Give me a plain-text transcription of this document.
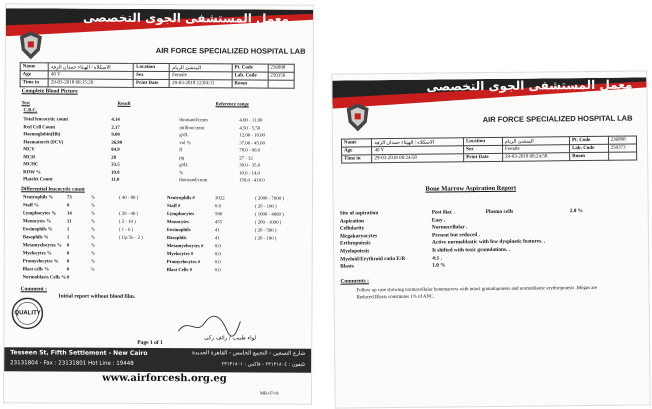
معمل المستشفى الجوى التخصصى
AIR FORCE SPECIALIZED HOSPITAL LAB
Name	الاسكلاه / الهيثاء حمدان الزفة	Location	المنشئ الريام	Pt. Code	236898
Age	40 Y	Sex	Female	Lab. Code	250356
Time in	29-03-2018 06:15:26	Print Date	29-03-2018 12:04:31	Room	
Complete Blood Picture
Test	Result	Reference range
C.B.C.
Total leucocytic count	4.14	thousand/cmm	4.00 - 11.00
Red Cell Count	2.17	million/cmm	4.50 - 5.50
Haemoglobin(Hb)	9.00	g/dL	12.00 - 16.00
Haematocrit (PCV)	26.90	vol %	37.00 - 45.00
MCV	84.9	fl	78.0 - 96.0
MCH	28	pg	27 - 32
MCHC	33.5	g/dL	30.0 - 35.0
RDW %	19.9	%	10.0 - 14.0
Platelet Count	11.0	thousand/cmm	150.0 - 410.0
Differential leucocytic count
Neutrophils %	73	%	( 40 - 80 )	Neutrophils #	3022	( 2000 - 7000 )
Staff %	0	%	Staff #	0.0	( 20 - 100 )
Lymphocytes % 14	%	( 20 - 40 )	Lymphocytes	580	( 1000 - 4000 )
Monocytes %	11	%	( 2 - 10 )	Monocytes	455	( 200 - 1000 )
Eosinophils %	1	%	( 1 - 6 )	Eosinophils	41	( 20 - 500 )
Basophils %	1	%	( Up To - 2 )	Basophils	41	( 20 - 100 )
Metamyelocytes % 0	%	Metamyelocytes # 0.0
Myelocytes %	0	%	Myelocytes #	0.0
Promyelocytes % 0	%	Promyelocytes #	0.0
Blast cells %	0	%	Blast Cells #	0.0
Normoblasts Cells % 0
Comment :
Initial report without blood film.
QUALITY
Page 1 of 1
لواء طبيب / رائف زكى
Tesseen St, Fifth Settlement - New Cairo	شارع التسعين - التجمع الخامس - القاهرة الجديدة
23131804 - Fax : 23131801 Hot Line : 19448	تليفون : ٢٣١٣١٨٠٤ - فاكس : ٢٣١٣١٨٠١
www.airforcesh.org.eg
MR-07-01
معمل المستشفى الجوى التخصصى
AIR FORCE SPECIALIZED HOSPITAL LAB
Name	الاسكلاه / الهيثاء حمدان الزفة	Location	المنشئ الريام	Pt. Code	236898
Age	40 Y	Sex	Female	Lab. Code	250373
Time in	29-03-2018 08:24:58	Print Date	29-03-2018 08:24:58	Room	
Bone Marrow Aspiration Report
Site of aspiration	Post iliac .	Plasma cells	2.0 %
Aspiration	Easy .
Cellularity	Normocellular .
Megakaryocytes	Present but reduced .
Erthropoiesis	Active normoblastic with few dysplastic features. .
Myelopoiesis	It shifted with toxic granulations. .
Myeloid/Erythroid ratio E/R	4:1 .
Blasts	1.0 %
Comments :
Follow up case showing normocellular bonemarrow with intact granulopoiesis and normoblastic erythropoiesis .Mogas are Reduced.Blasts constitutes 1% of ANC.
